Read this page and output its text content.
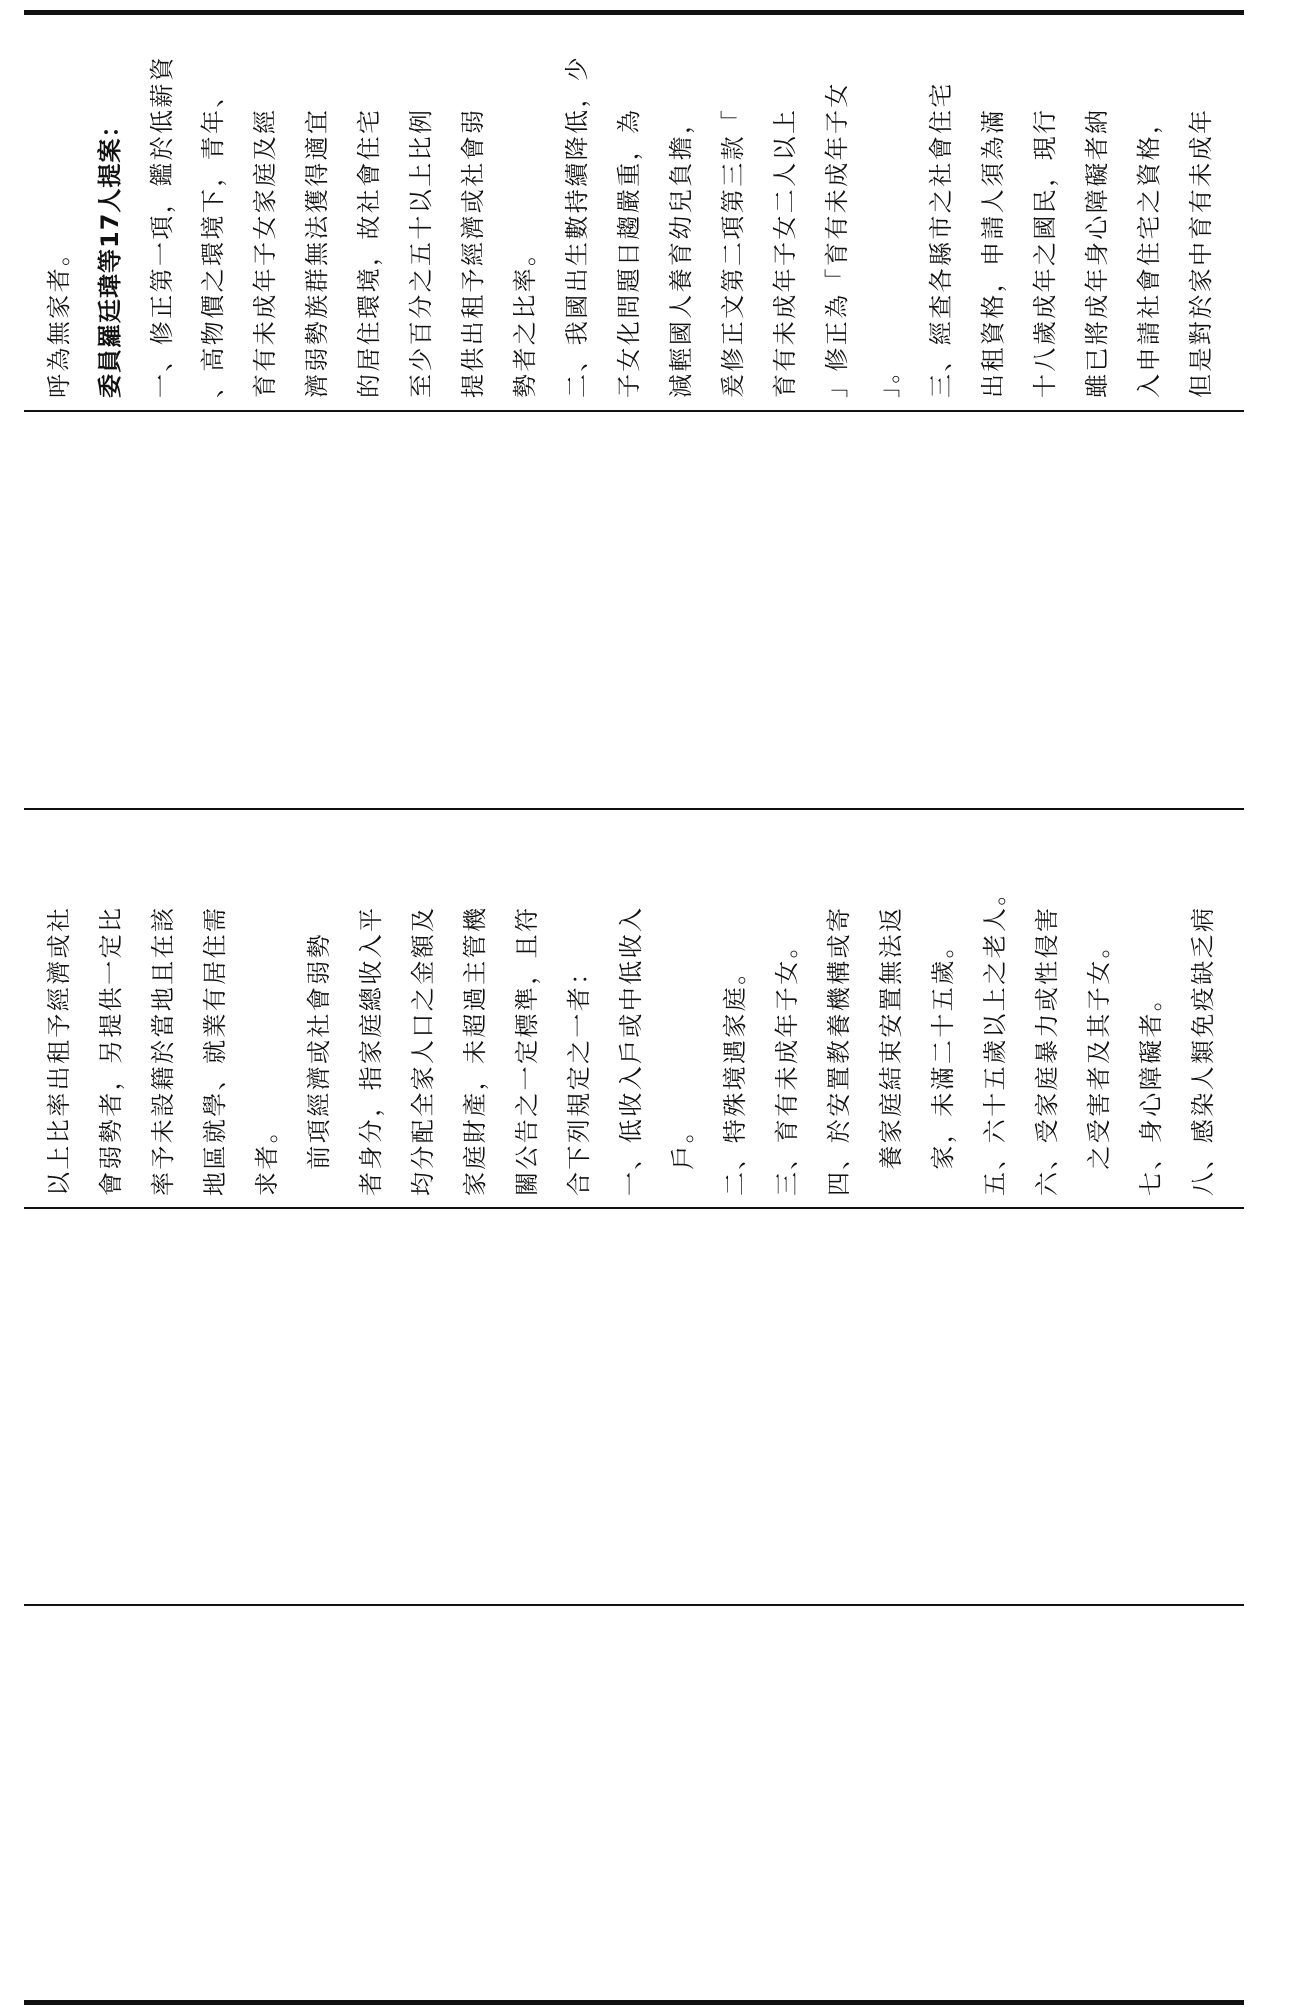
呼為無家者。 委員羅廷瑋等17人提案： 一、修正第一項，鑑於低薪資 、高物價之環境下，青年、 育有未成年子女家庭及經 濟弱勢族群無法獲得適宜 的居住環境，故社會住宅 至少百分之五十以上比例 提供出租予經濟或社會弱 勢者之比率。 二、我國出生數持續降低，少 子女化問題日趨嚴重，為 減輕國人養育幼兒負擔， 爰修正文第二項第三款「 育有未成年子女二人以上 」修正為「育有未成年子女 」。 三、經查各縣市之社會住宅 出租資格，申請人須為滿 十八歲成年之國民，現行 雖已將成年身心障礙者納 入申請社會住宅之資格， 但是對於家中育有未成年
以上比率出租予經濟或社 會弱勢者，另提供一定比 率予未設籍於當地且在該 地區就學、就業有居住需 求者。 　前項經濟或社會弱勢 者身分，指家庭總收入平 均分配全家人口之金額及 家庭財產，未超過主管機 關公告之一定標準，且符 合下列規定之一者： 一、低收入戶或中低收入 　戶。 二、特殊境遇家庭。 三、育有未成年子女。 四、於安置教養機構或寄 　養家庭結束安置無法返 　家，未滿二十五歲。 五、六十五歲以上之老人。 六、受家庭暴力或性侵害 　之受害者及其子女。 七、身心障礙者。 八、感染人類免疫缺乏病
